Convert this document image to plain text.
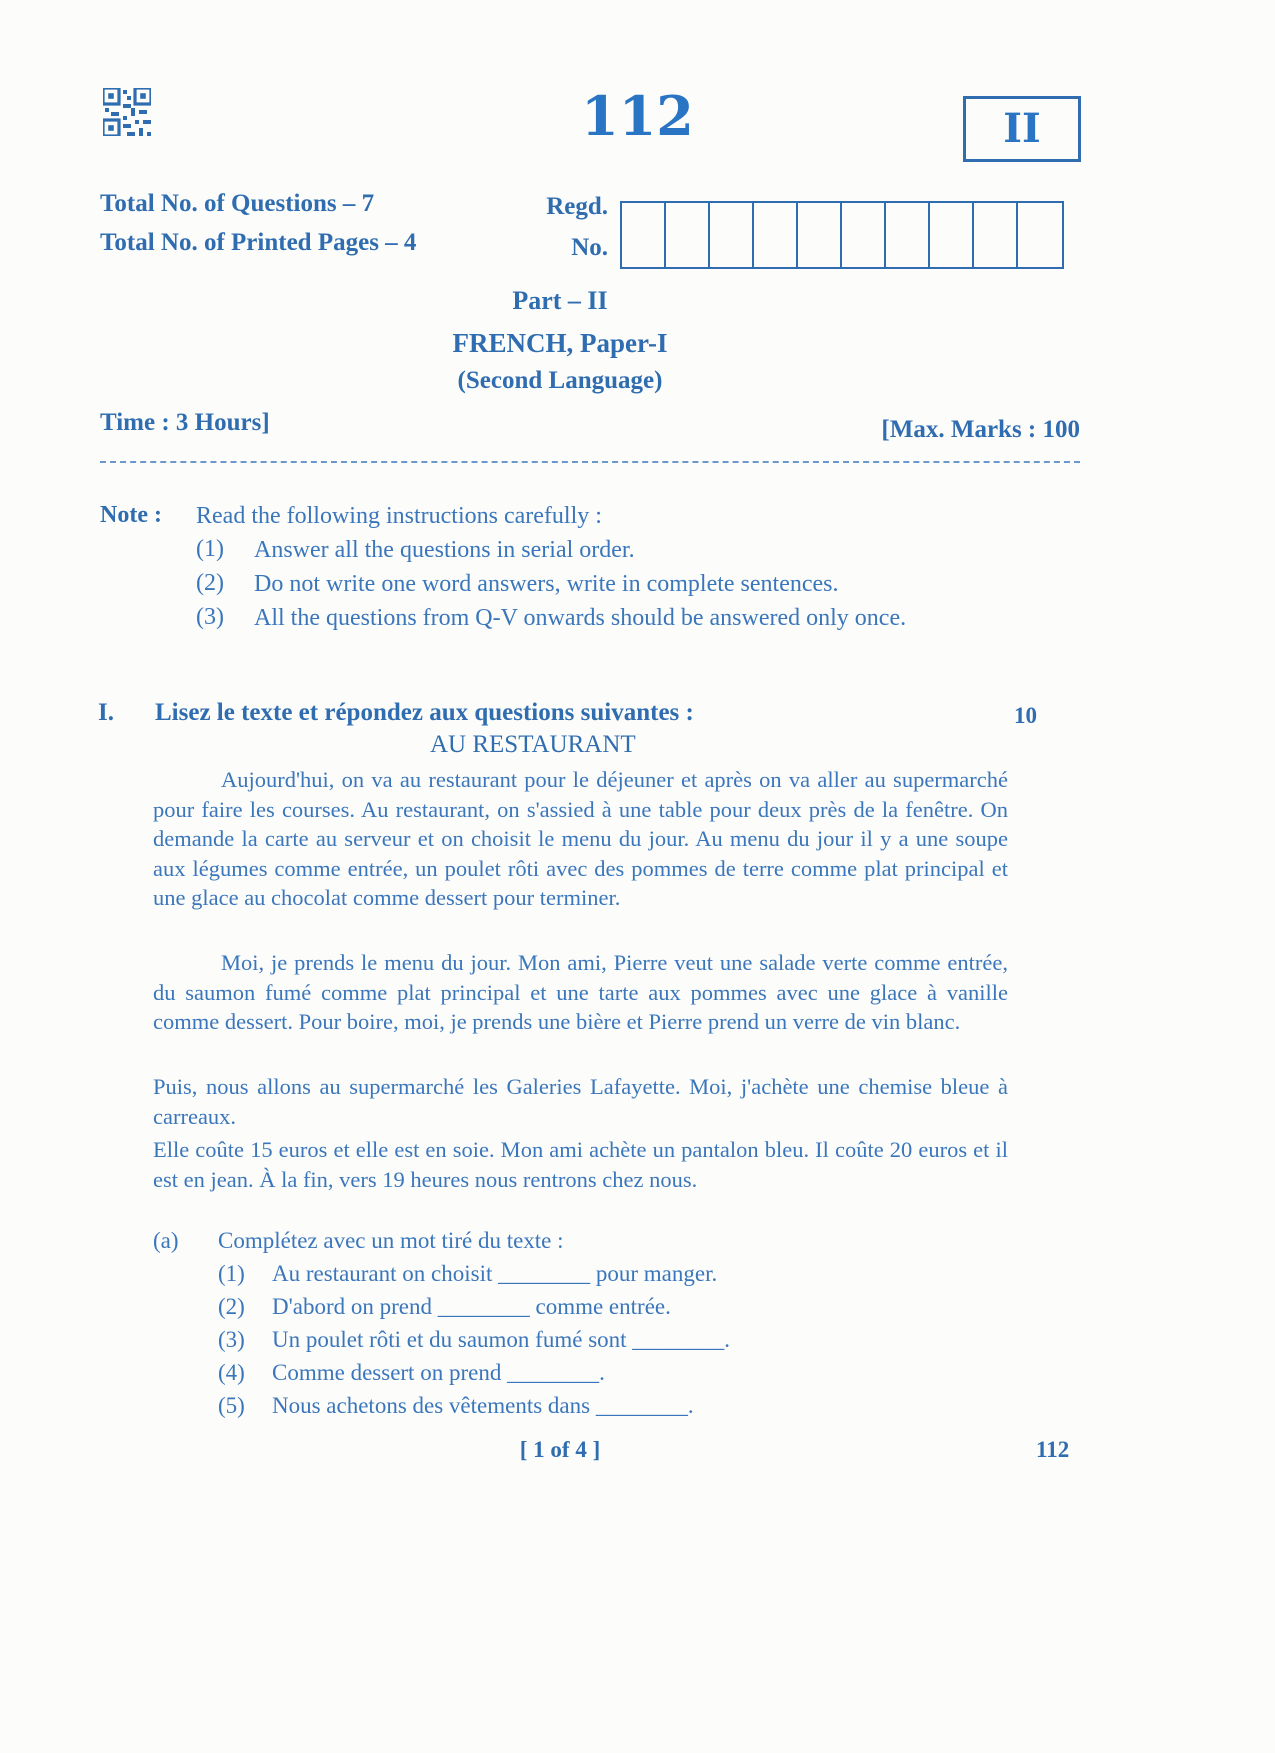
112	II
Total No. of Questions – 7
Total No. of Printed Pages – 4
Regd.
No.
Part – II
FRENCH, Paper-I
(Second Language)
Time : 3 Hours]	[Max. Marks : 100
Note : Read the following instructions carefully :
(1) Answer all the questions in serial order.
(2) Do not write one word answers, write in complete sentences.
(3) All the questions from Q-V onwards should be answered only once.
I. Lisez le texte et répondez aux questions suivantes :	10
AU RESTAURANT

Aujourd'hui, on va au restaurant pour le déjeuner et après on va aller au supermarché pour faire les courses. Au restaurant, on s'assied à une table pour deux près de la fenêtre. On demande la carte au serveur et on choisit le menu du jour. Au menu du jour il y a une soupe aux légumes comme entrée, un poulet rôti avec des pommes de terre comme plat principal et une glace au chocolat comme dessert pour terminer.

Moi, je prends le menu du jour. Mon ami, Pierre veut une salade verte comme entrée, du saumon fumé comme plat principal et une tarte aux pommes avec une glace à vanille comme dessert. Pour boire, moi, je prends une bière et Pierre prend un verre de vin blanc.

Puis, nous allons au supermarché les Galeries Lafayette. Moi, j'achète une chemise bleue à carreaux.

Elle coûte 15 euros et elle est en soie. Mon ami achète un pantalon bleu. Il coûte 20 euros et il est en jean. À la fin, vers 19 heures nous rentrons chez nous.

(a) Complétez avec un mot tiré du texte :
(1) Au restaurant on choisit ________ pour manger.
(2) D'abord on prend ________ comme entrée.
(3) Un poulet rôti et du saumon fumé sont ________.
(4) Comme dessert on prend ________.
(5) Nous achetons des vêtements dans ________.
[ 1 of 4 ]	112
